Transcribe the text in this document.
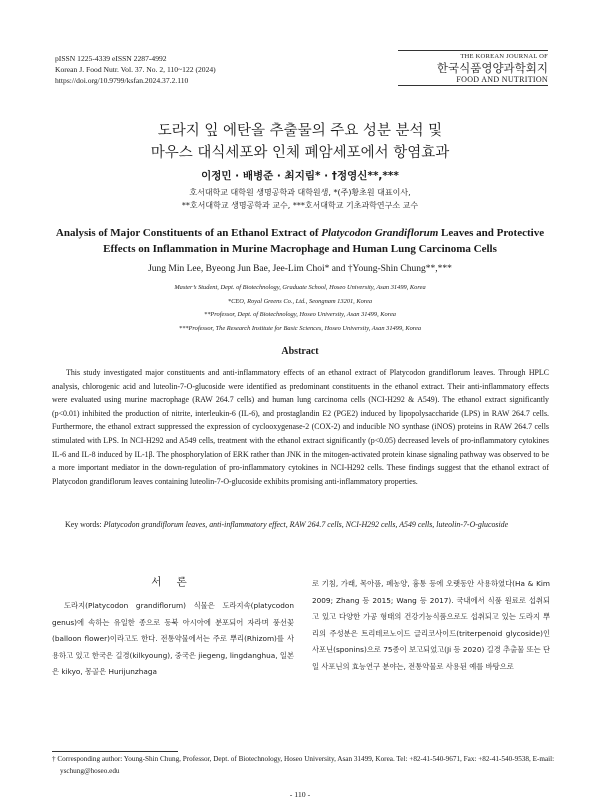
pISSN 1225-4339 eISSN 2287-4992
Korean J. Food Nutr. Vol. 37. No. 2, 110~122 (2024)
https://doi.org/10.9799/ksfan.2024.37.2.110
THE KOREAN JOURNAL OF
한국식품영양과학회지
FOOD AND NUTRITION
도라지 잎 에탄올 추출물의 주요 성분 분석 및
마우스 대식세포와 인체 폐암세포에서 항염효과
이정민 · 배병준 · 최지림* · †정영신**,***
호서대학교 대학원 생명공학과 대학원생, *(주)황초원 대표이사,
**호서대학교 생명공학과 교수, ***호서대학교 기초과학연구소 교수
Analysis of Major Constituents of an Ethanol Extract of Platycodon Grandiflorum Leaves and Protective Effects on Inflammation in Murine Macrophage and Human Lung Carcinoma Cells
Jung Min Lee, Byeong Jun Bae, Jee-Lim Choi* and †Young-Shin Chung**,***
Master’s Student, Dept. of Biotechnology, Graduate School, Hoseo University, Asan 31499, Korea
*CEO, Royal Greens Co., Ltd., Seongnam 13201, Korea
**Professor, Dept. of Biotechnology, Hoseo University, Asan 31499, Korea
***Professor, The Research Institute for Basic Sciences, Hoseo University, Asan 31499, Korea
Abstract
This study investigated major constituents and anti-inflammatory effects of an ethanol extract of Platycodon grandiflorum leaves. Through HPLC analysis, chlorogenic acid and luteolin-7-O-glucoside were identified as predominant constituents in the ethanol extract. Their anti-inflammatory effects were evaluated using murine macrophage (RAW 264.7 cells) and human lung carcinoma cells (NCI-H292 & A549). The ethanol extract significantly (p<0.01) inhibited the production of nitrite, interleukin-6 (IL-6), and prostaglandin E2 (PGE2) induced by lipopolysaccharide (LPS) in RAW 264.7 cells. Furthermore, the ethanol extract suppressed the expression of cyclooxygenase-2 (COX-2) and inducible NO synthase (iNOS) proteins in RAW 264.7 cells stimulated with LPS. In NCI-H292 and A549 cells, treatment with the ethanol extract significantly (p<0.05) decreased levels of pro-inflammatory cytokines IL-6 and IL-8 induced by IL-1β. The phosphorylation of ERK rather than JNK in the mitogen-activated protein kinase signaling pathway was observed to be a more important mediator in the down-regulation of pro-inflammatory cytokines in NCI-H292 cells. These findings suggest that the ethanol extract of Platycodon grandiflorum leaves containing luteolin-7-O-glucoside exhibits promising anti-inflammatory properties.
Key words: Platycodon grandiflorum leaves, anti-inflammatory effect, RAW 264.7 cells, NCI-H292 cells, A549 cells, luteolin-7-O-glucoside
서 론
도라지(Platycodon grandiflorum) 식물은 도라지속(platycodon genus)에 속하는 유일한 종으로 동북 아시아에 분포되어 자라며 풍선꽃(balloon flower)이라고도 한다. 전통약물에서는 주로 뿌리(Rhizom)를 사용하고 있고 한국은 길경(kilkyoung), 중국은 jiegeng, lingdanghua, 일본은 kikyo, 몽골은 Hurijunzhaga
로 기침, 가래, 목아픔, 폐농양, 흉통 등에 오랫동안 사용하였다(Ha & Kim 2009; Zhang 등 2015; Wang 등 2017). 국내에서 식품 원료로 섭취되고 있고 다양한 가공 형태의 건강기능식품으로도 섭취되고 있는 도라지 뿌리의 주성분은 트리테르노이드 글리코사이드(triterpenoid glycoside)인 사포닌(sponins)으로 75종이 보고되었고(Ji 등 2020) 길경 추출물 또는 단일 사포닌의 효능연구 분야는, 전통약물로 사용된 예를 바탕으로
† Corresponding author: Young-Shin Chung, Professor, Dept. of Biotechnology, Hoseo University, Asan 31499, Korea. Tel: +82-41-540-9671, Fax: +82-41-540-9538, E-mail: yschung@hoseo.edu
- 110 -
